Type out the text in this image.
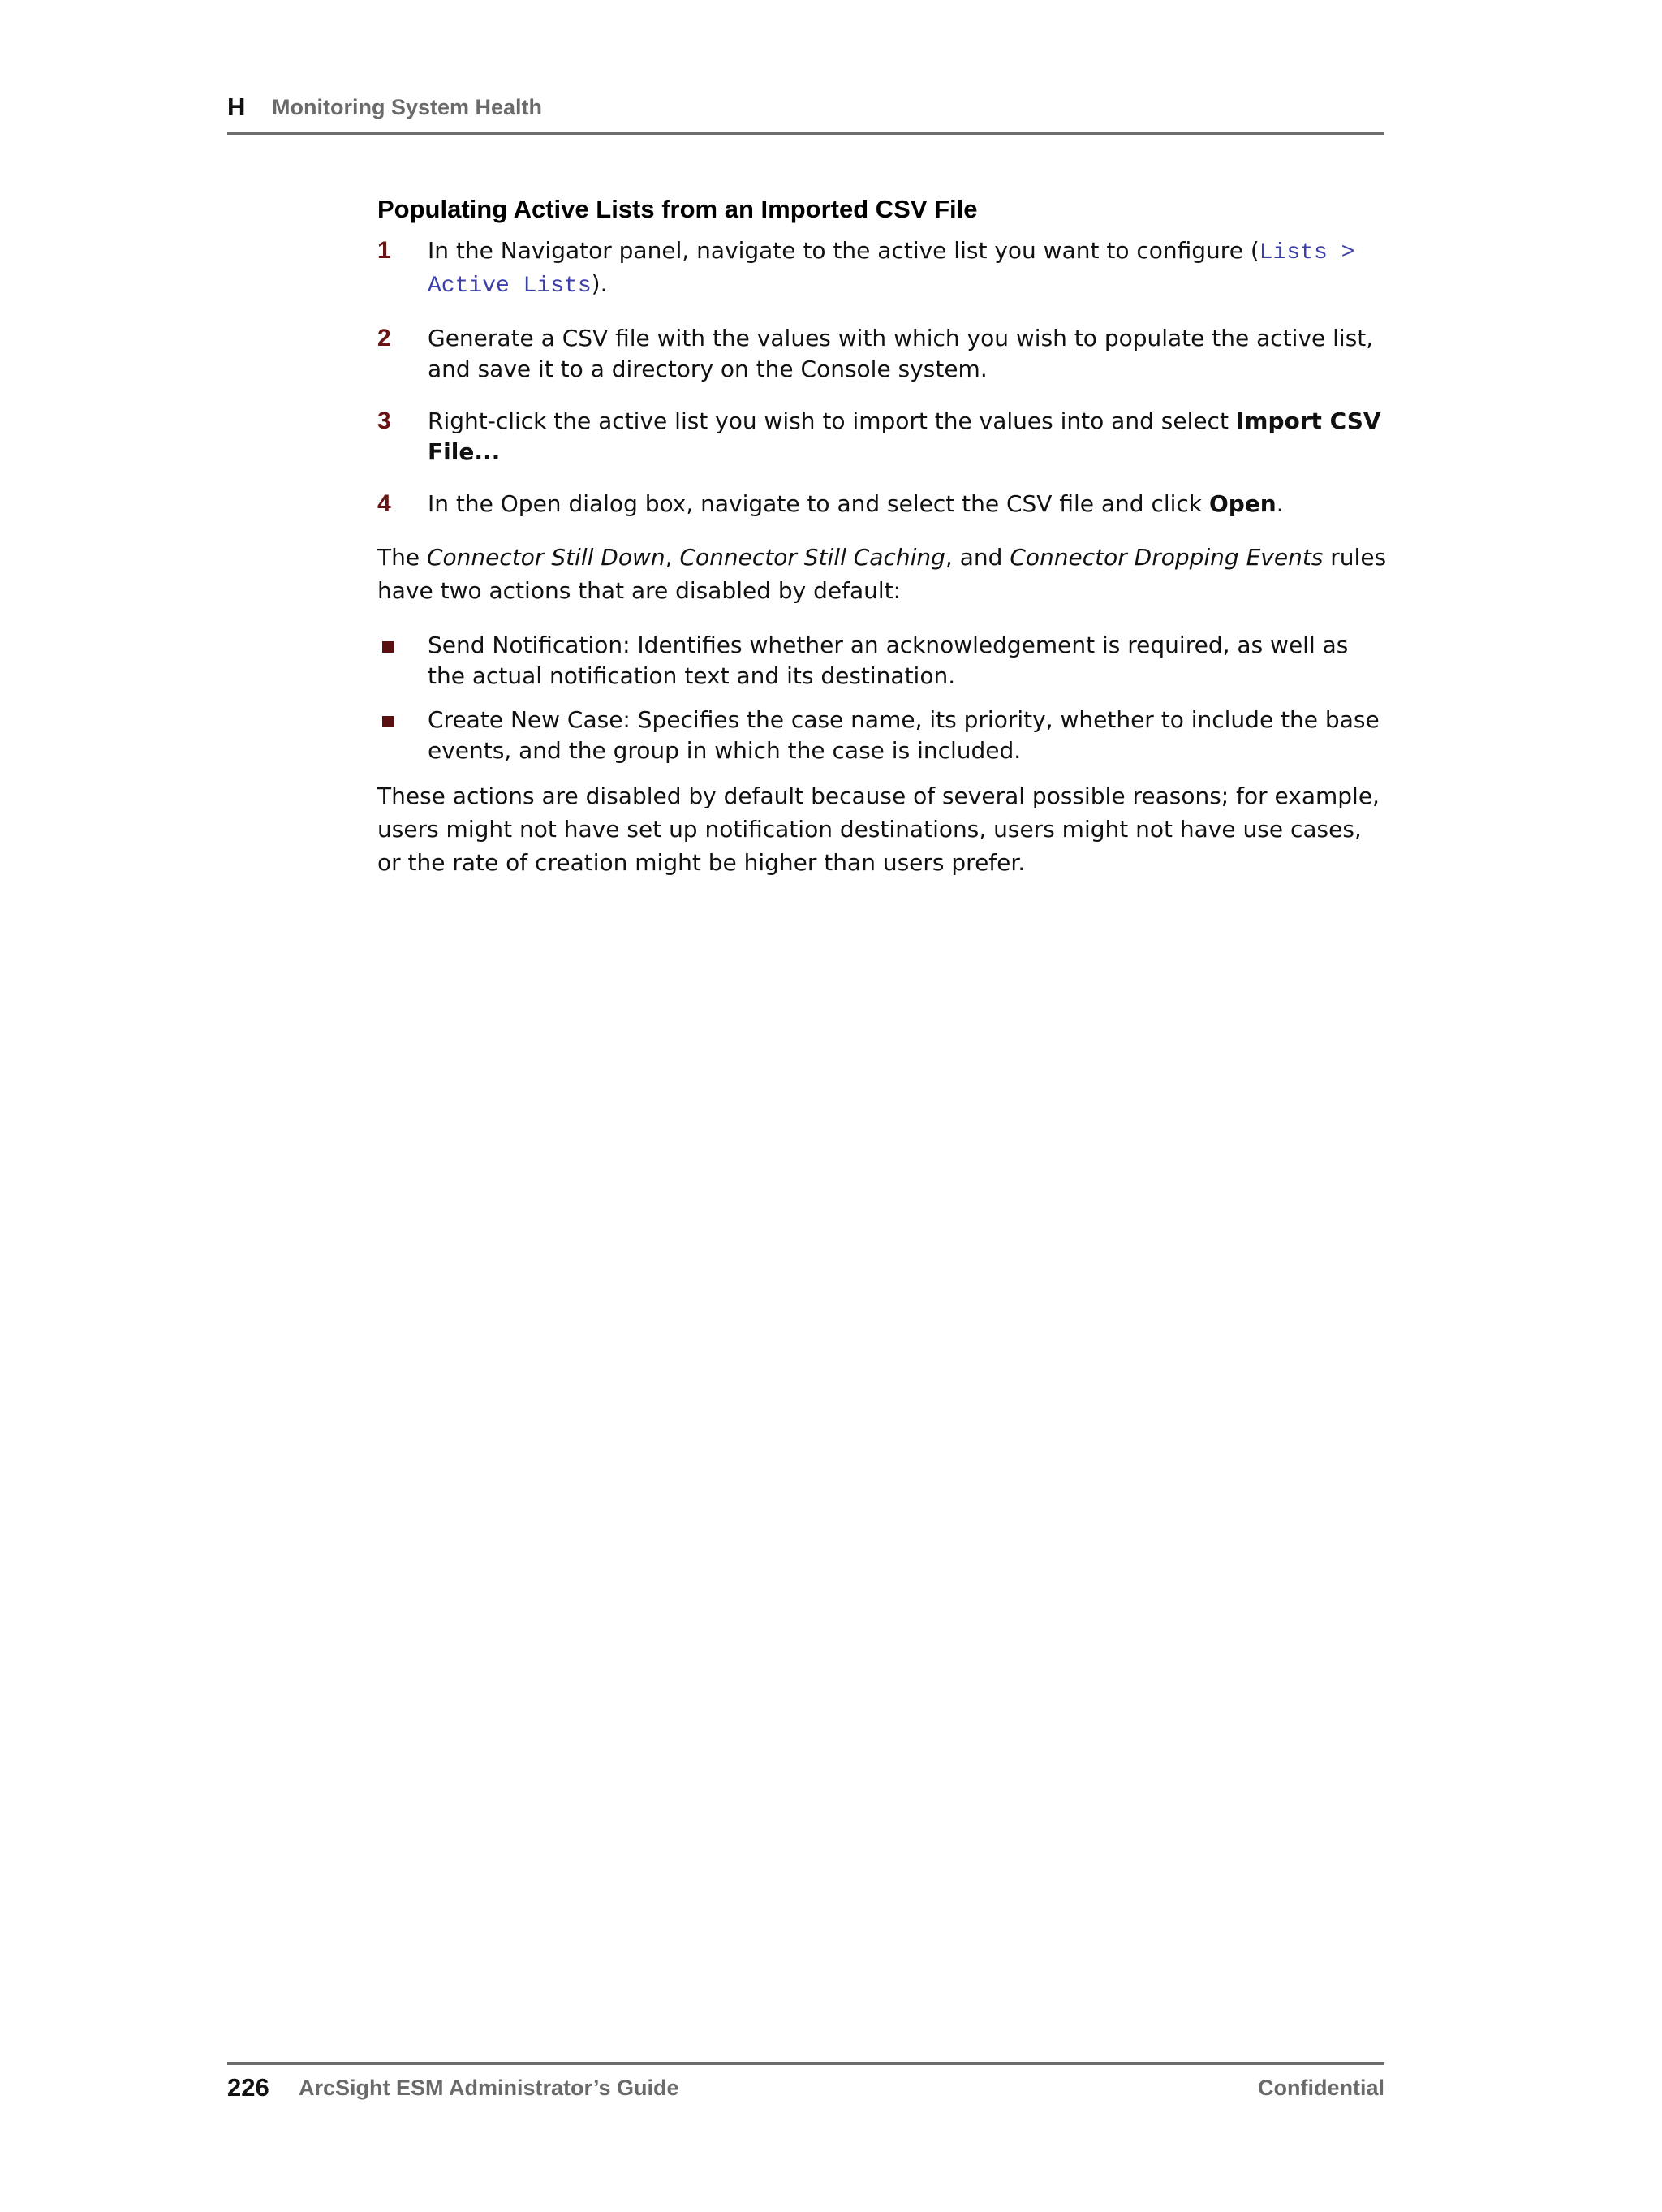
H Monitoring System Health
Populating Active Lists from an Imported CSV File
1 In the Navigator panel, navigate to the active list you want to configure (Lists > Active Lists).
2 Generate a CSV file with the values with which you wish to populate the active list, and save it to a directory on the Console system.
3 Right-click the active list you wish to import the values into and select Import CSV File...
4 In the Open dialog box, navigate to and select the CSV file and click Open.

The Connector Still Down, Connector Still Caching, and Connector Dropping Events rules have two actions that are disabled by default:

Send Notification: Identifies whether an acknowledgement is required, as well as the actual notification text and its destination.
Create New Case: Specifies the case name, its priority, whether to include the base events, and the group in which the case is included.

These actions are disabled by default because of several possible reasons; for example, users might not have set up notification destinations, users might not have use cases, or the rate of creation might be higher than users prefer.

226 ArcSight ESM Administrator’s Guide	Confidential
